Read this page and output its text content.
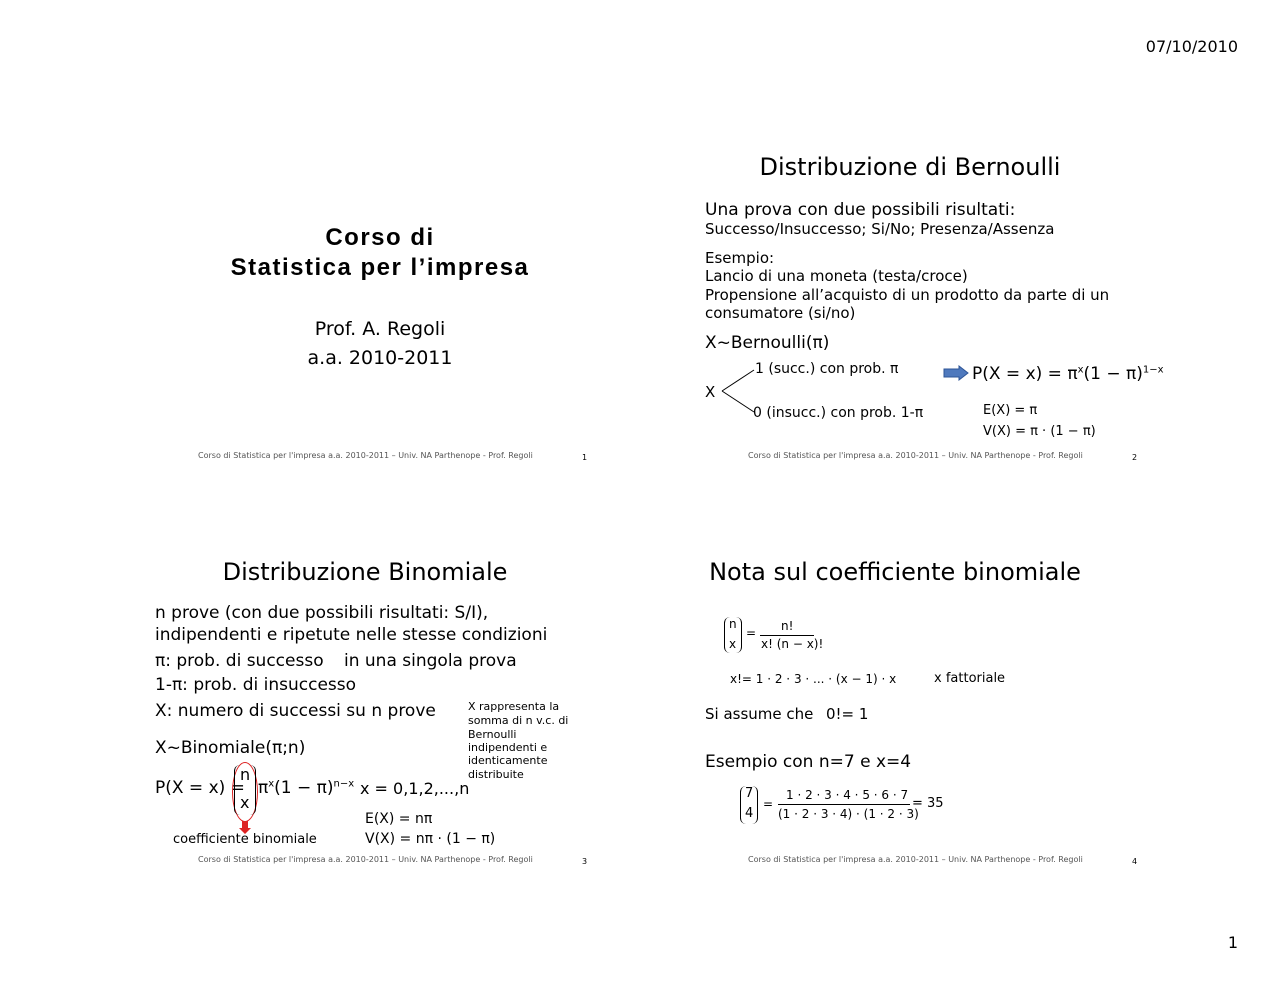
07/10/2010
1
Corso di
Statistica per l’impresa
Prof. A. Regoli
a.a. 2010-2011
Corso di Statistica per l'impresa a.a. 2010-2011 – Univ. NA Parthenope - Prof. Regoli	1
Distribuzione di Bernoulli
Una prova con due possibili risultati:
Successo/Insuccesso; Si/No; Presenza/Assenza
Esempio:
Lancio di una moneta (testa/croce)
Propensione all’acquisto di un prodotto da parte di un
consumatore (si/no)
X~Bernoulli(π)
X
1 (succ.) con prob. π
0 (insucc.) con prob. 1-π
$P(X = x) = \pi^x(1 - \pi)^{1-x}$
E(X) = π
V(X) = π · (1 − π)
Corso di Statistica per l'impresa a.a. 2010-2011 – Univ. NA Parthenope - Prof. Regoli	2
Distribuzione Binomiale
n prove (con due possibili risultati: S/I),
indipendenti e ripetute nelle stesse condizioni
π: prob. di successo in una singola prova
1-π: prob. di insuccesso
X: numero di successi su n prove	X rappresenta la
somma di n v.c. di
Bernoulli
indipendenti e
identicamente
distribuite
X~Binomiale(π;n)
P(X = x) =
n
x
$\pi^x(1 - \pi)^{n-x}$ x = 0,1,2,...,n
coefficiente binomiale
E(X) = nπ
V(X) = nπ · (1 − π)
Corso di Statistica per l'impresa a.a. 2010-2011 – Univ. NA Parthenope - Prof. Regoli	3
Nota sul coefficiente binomiale
n
x
= n!
x! (n − x)!
x!= 1 · 2 · 3 · ... · (x − 1) · x	x fattoriale
Si assume che 0!= 1
Esempio con n=7 e x=4
7
4
=
1 · 2 · 3 · 4 · 5 · 6 · 7
(1 · 2 · 3 · 4) · (1 · 2 · 3)
= 35
Corso di Statistica per l'impresa a.a. 2010-2011 – Univ. NA Parthenope - Prof. Regoli	4
